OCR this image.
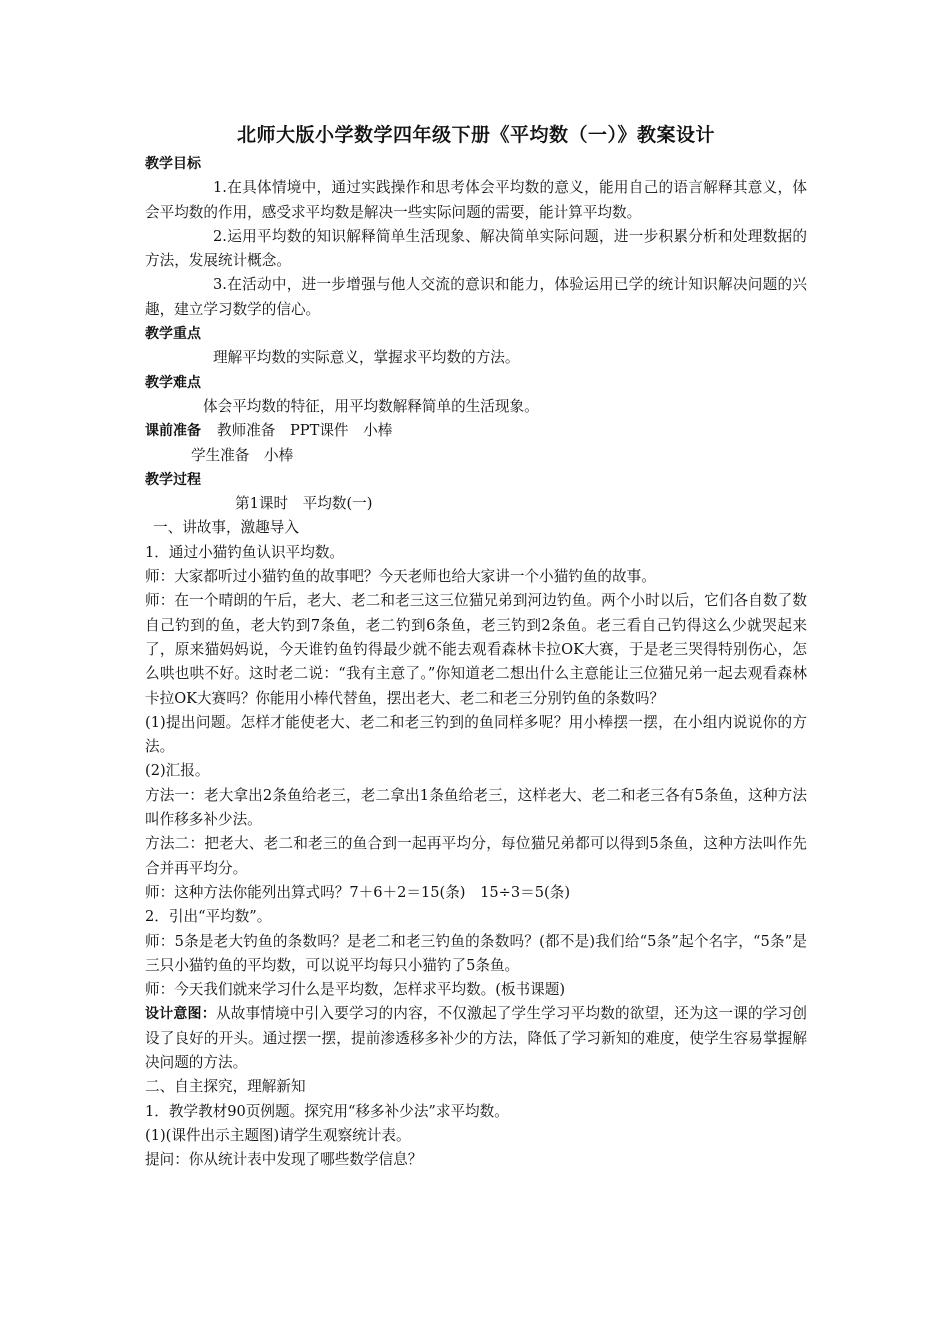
北师大版小学数学四年级下册《平均数（一）》教案设计
教学目标

1.在具体情境中，通过实践操作和思考体会平均数的意义，能用自己的语言解释其意义，体会平均数的作用，感受求平均数是解决一些实际问题的需要，能计算平均数。

2.运用平均数的知识解释简单生活现象、解决简单实际问题，进一步积累分析和处理数据的方法，发展统计概念。

3.在活动中，进一步增强与他人交流的意识和能力，体验运用已学的统计知识解决问题的兴趣，建立学习数学的信心。

教学重点

理解平均数的实际意义，掌握求平均数的方法。

教学难点

体会平均数的特征，用平均数解释简单的生活现象。

课前准备 教师准备　PPT课件　小棒

学生准备　小棒

教学过程

第1课时　平均数(一)

一、讲故事，激趣导入

1．通过小猫钓鱼认识平均数。

师：大家都听过小猫钓鱼的故事吧？今天老师也给大家讲一个小猫钓鱼的故事。

师：在一个晴朗的午后，老大、老二和老三这三位猫兄弟到河边钓鱼。两个小时以后，它们各自数了数自己钓到的鱼，老大钓到7条鱼，老二钓到6条鱼，老三钓到2条鱼。老三看自己钓得这么少就哭起来了，原来猫妈妈说，今天谁钓鱼钓得最少就不能去观看森林卡拉OK大赛，于是老三哭得特别伤心，怎么哄也哄不好。这时老二说：“我有主意了。”你知道老二想出什么主意能让三位猫兄弟一起去观看森林卡拉OK大赛吗？你能用小棒代替鱼，摆出老大、老二和老三分别钓鱼的条数吗？

(1)提出问题。怎样才能使老大、老二和老三钓到的鱼同样多呢？用小棒摆一摆，在小组内说说你的方法。

(2)汇报。

方法一：老大拿出2条鱼给老三，老二拿出1条鱼给老三，这样老大、老二和老三各有5条鱼，这种方法叫作移多补少法。

方法二：把老大、老二和老三的鱼合到一起再平均分，每位猫兄弟都可以得到5条鱼，这种方法叫作先合并再平均分。

师：这种方法你能列出算式吗？7＋6＋2＝15(条)　15÷3＝5(条)

2．引出“平均数”。

师：5条是老大钓鱼的条数吗？是老二和老三钓鱼的条数吗？(都不是)我们给“5条”起个名字，“5条”是三只小猫钓鱼的平均数，可以说平均每只小猫钓了5条鱼。

师：今天我们就来学习什么是平均数，怎样求平均数。(板书课题)

设计意图：从故事情境中引入要学习的内容，不仅激起了学生学习平均数的欲望，还为这一课的学习创设了良好的开头。通过摆一摆，提前渗透移多补少的方法，降低了学习新知的难度，使学生容易掌握解决问题的方法。

二、自主探究，理解新知

1．教学教材90页例题。探究用“移多补少法”求平均数。

(1)(课件出示主题图)请学生观察统计表。

提问：你从统计表中发现了哪些数学信息？
